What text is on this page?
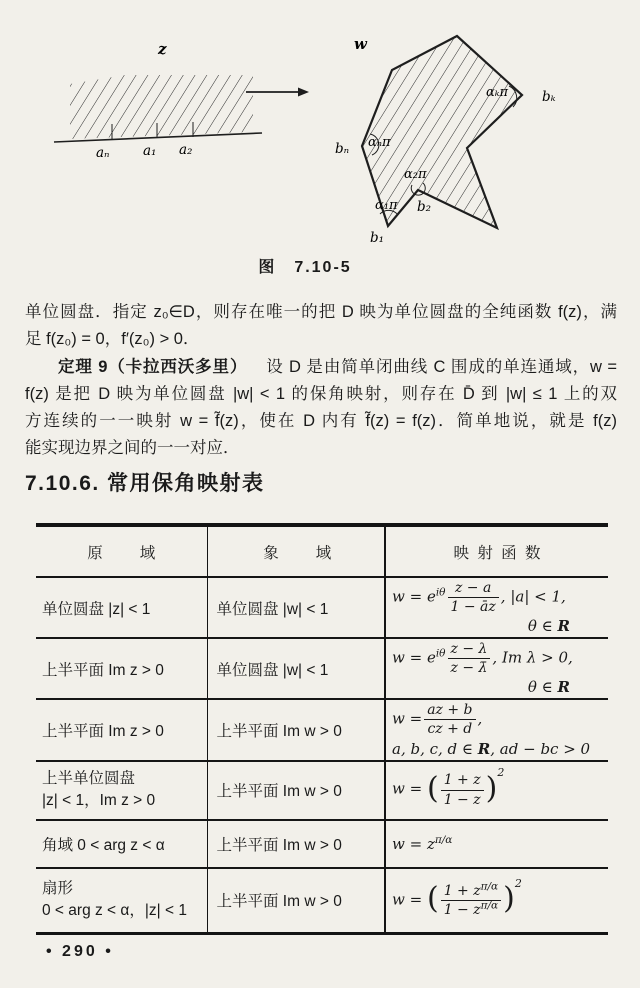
z
aₙ a₁ a₂
w
bₖ
αₖπ
bₙ αₙπ
α₂π
b₂
α₁π
b₁
图　7.10-5
单位圆盘．指定 z₀∈D，则存在唯一的把 D 映为单位圆盘的全纯函数 f(z)，满
足 f(z₀) = 0，f′(z₀) > 0．
定理 9（卡拉西沃多里） 设 D 是由简单闭曲线 C 围成的单连通域，w =
f(z) 是把 D 映为单位圆盘 |w| < 1 的保角映射，则存在 D̄ 到 |w| ≤ 1 上的双
方连续的一一映射 w = f̃(z)，使在 D 内有 f̃(z) = f(z)．简单地说，就是 f(z)
能实现边界之间的一一对应．
7.10.6. 常用保角映射表
原　　域	象　　域	映 射 函 数
单位圆盘 |z| < 1	单位圆盘 |w| < 1	$w = e^{i\theta} \frac{z - a}{1 - āz}$ , |a| < 1,
θ ∈ R

上半平面 Im z > 0	单位圆盘 |w| < 1	$w = e^{i\theta} \frac{z - \lambda}{z - \lambdā}$ , Im λ > 0,
θ ∈ R

上半平面 Im z > 0	上半平面 Im w > 0	$w = \frac{az + b}{cz + d}$ ,
a, b, c, d ∈ R, ad − bc > 0

上半单位圆盘
|z| < 1，Im z > 0
	上半平面 Im w > 0	w = ( $\frac{1 + z}{1 - z} )^2$

角域 0 < arg z < α	上半平面 Im w > 0	$w = z^{\pi/\alpha}$

扇形
0 < arg z < α，|z| < 1
	上半平面 Im w > 0	w = ( $\frac{1 + z^{\pi/\alpha}}{1 - z^{\pi/\alpha}} )^2$
• 290 •
